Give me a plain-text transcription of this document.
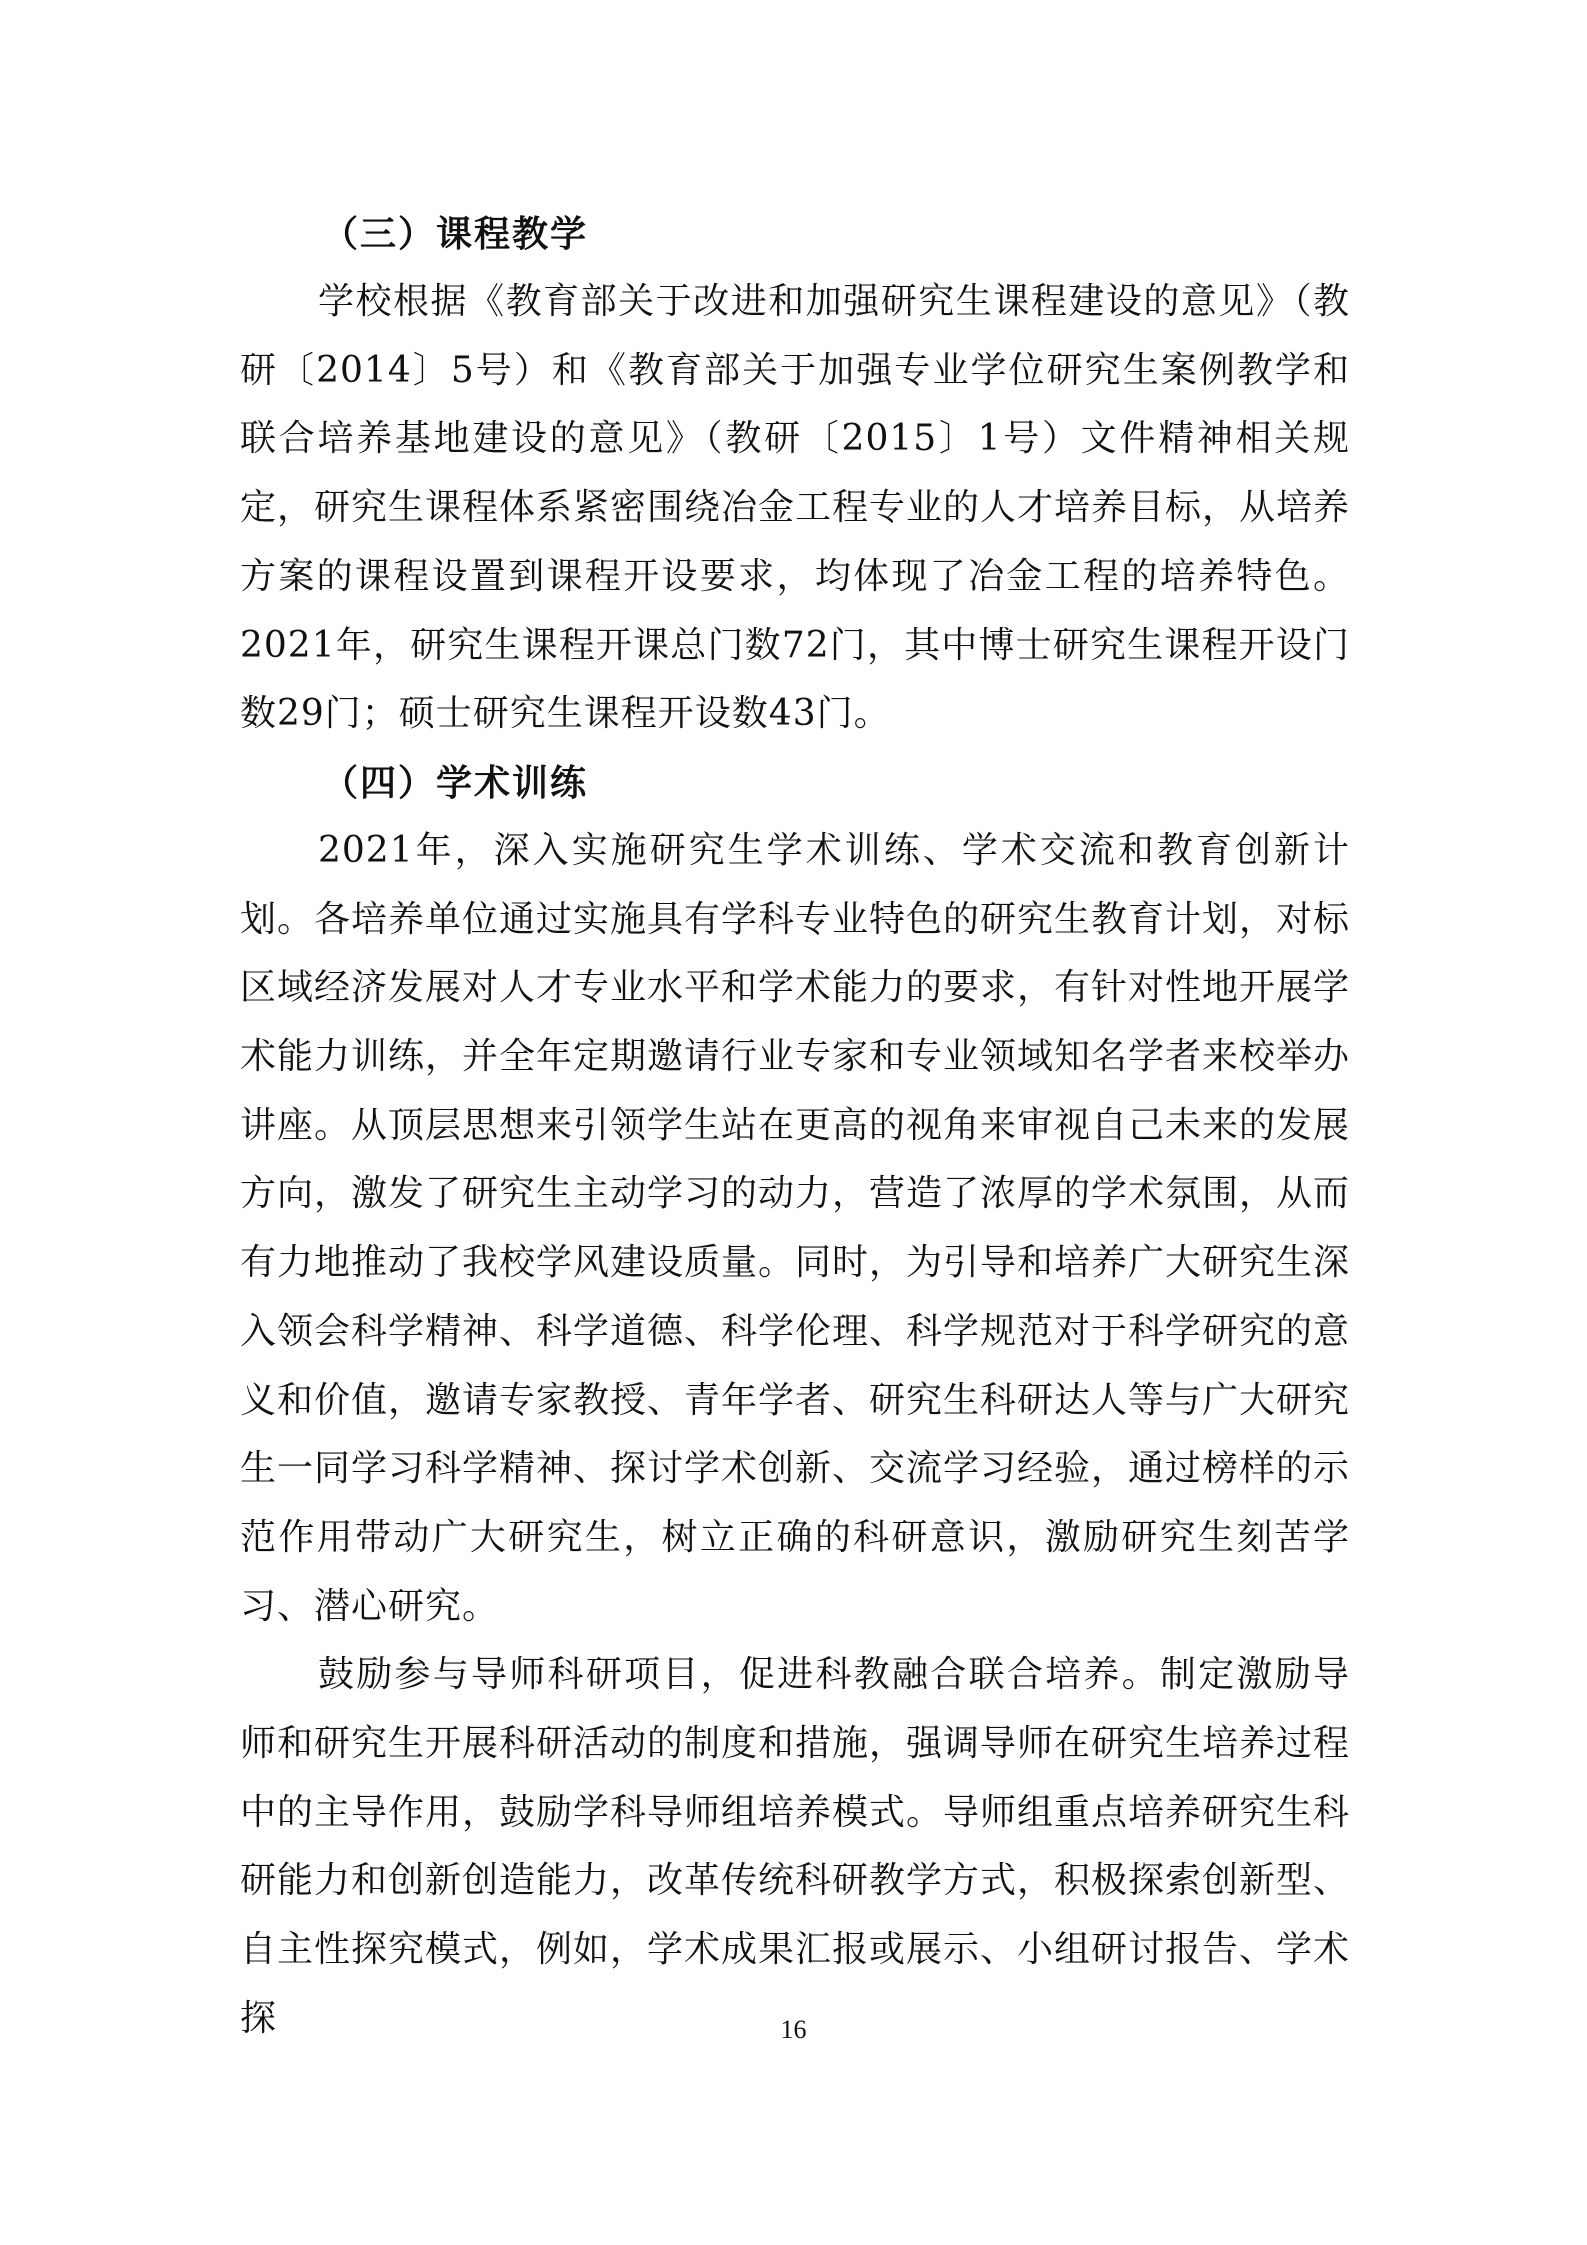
（三）课程教学

学校根据《教育部关于改进和加强研究生课程建设的意见》（教研〔2014〕5号）和《教育部关于加强专业学位研究生案例教学和联合培养基地建设的意见》（教研〔2015〕1号）文件精神相关规定，研究生课程体系紧密围绕冶金工程专业的人才培养目标，从培养方案的课程设置到课程开设要求，均体现了冶金工程的培养特色。2021年，研究生课程开课总门数72门，其中博士研究生课程开设门数29门；硕士研究生课程开设数43门。

（四）学术训练

2021年，深入实施研究生学术训练、学术交流和教育创新计划。各培养单位通过实施具有学科专业特色的研究生教育计划，对标区域经济发展对人才专业水平和学术能力的要求，有针对性地开展学术能力训练，并全年定期邀请行业专家和专业领域知名学者来校举办讲座。从顶层思想来引领学生站在更高的视角来审视自己未来的发展方向，激发了研究生主动学习的动力，营造了浓厚的学术氛围，从而有力地推动了我校学风建设质量。同时，为引导和培养广大研究生深入领会科学精神、科学道德、科学伦理、科学规范对于科学研究的意义和价值，邀请专家教授、青年学者、研究生科研达人等与广大研究生一同学习科学精神、探讨学术创新、交流学习经验，通过榜样的示范作用带动广大研究生，树立正确的科研意识，激励研究生刻苦学习、潜心研究。

鼓励参与导师科研项目，促进科教融合联合培养。制定激励导师和研究生开展科研活动的制度和措施，强调导师在研究生培养过程中的主导作用，鼓励学科导师组培养模式。导师组重点培养研究生科研能力和创新创造能力，改革传统科研教学方式，积极探索创新型、自主性探究模式，例如，学术成果汇报或展示、小组研讨报告、学术探	16
